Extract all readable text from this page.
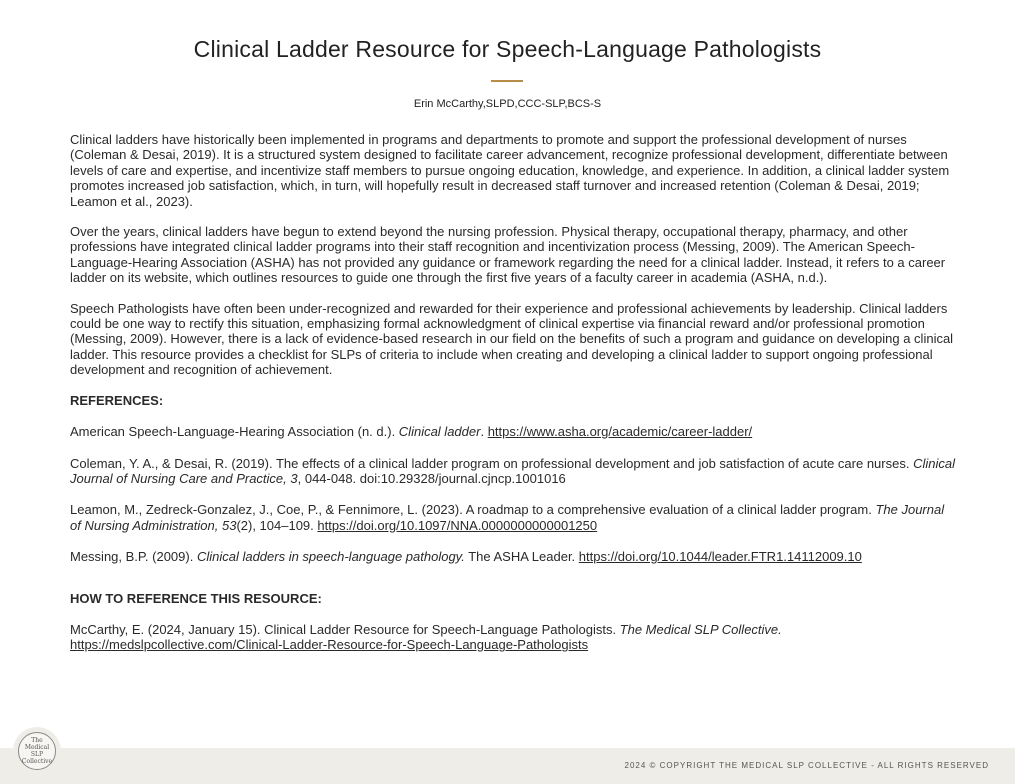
Clinical Ladder Resource for Speech-Language Pathologists
Erin McCarthy,SLPD,CCC-SLP,BCS-S

Clinical ladders have historically been implemented in programs and departments to promote and support the professional development of nurses (Coleman & Desai, 2019). It is a structured system designed to facilitate career advancement, recognize professional development, differentiate between levels of care and expertise, and incentivize staff members to pursue ongoing education, knowledge, and experience. In addition, a clinical ladder system promotes increased job satisfaction, which, in turn, will hopefully result in decreased staff turnover and increased retention (Coleman & Desai, 2019; Leamon et al., 2023).

Over the years, clinical ladders have begun to extend beyond the nursing profession. Physical therapy, occupational therapy, pharmacy, and other professions have integrated clinical ladder programs into their staff recognition and incentivization process (Messing, 2009). The American Speech-Language-Hearing Association (ASHA) has not provided any guidance or framework regarding the need for a clinical ladder. Instead, it refers to a career ladder on its website, which outlines resources to guide one through the first five years of a faculty career in academia (ASHA, n.d.).

Speech Pathologists have often been under-recognized and rewarded for their experience and professional achievements by leadership. Clinical ladders could be one way to rectify this situation, emphasizing formal acknowledgment of clinical expertise via financial reward and/or professional promotion (Messing, 2009). However, there is a lack of evidence-based research in our field on the benefits of such a program and guidance on developing a clinical ladder. This resource provides a checklist for SLPs of criteria to include when creating and developing a clinical ladder to support ongoing professional development and recognition of achievement.

REFERENCES:
American Speech-Language-Hearing Association (n. d.). Clinical ladder. https://www.asha.org/academic/career-ladder/
Coleman, Y. A., & Desai, R. (2019). The effects of a clinical ladder program on professional development and job satisfaction of acute care nurses. Clinical Journal of Nursing Care and Practice, 3, 044-048. doi:10.29328/journal.cjncp.1001016
Leamon, M., Zedreck-Gonzalez, J., Coe, P., & Fennimore, L. (2023). A roadmap to a comprehensive evaluation of a clinical ladder program. The Journal of Nursing Administration, 53(2), 104–109. https://doi.org/10.1097/NNA.0000000000001250
Messing, B.P. (2009). Clinical ladders in speech-language pathology. The ASHA Leader. https://doi.org/10.1044/leader.FTR1.14112009.10
HOW TO REFERENCE THIS RESOURCE:
McCarthy, E. (2024, January 15). Clinical Ladder Resource for Speech-Language Pathologists. The Medical SLP Collective.
https://medslpcollective.com/Clinical-Ladder-Resource-for-Speech-Language-Pathologists
2024 © COPYRIGHT THE MEDICAL SLP COLLECTIVE - ALL RIGHTS RESERVED
The
Medical SLP
Collective
